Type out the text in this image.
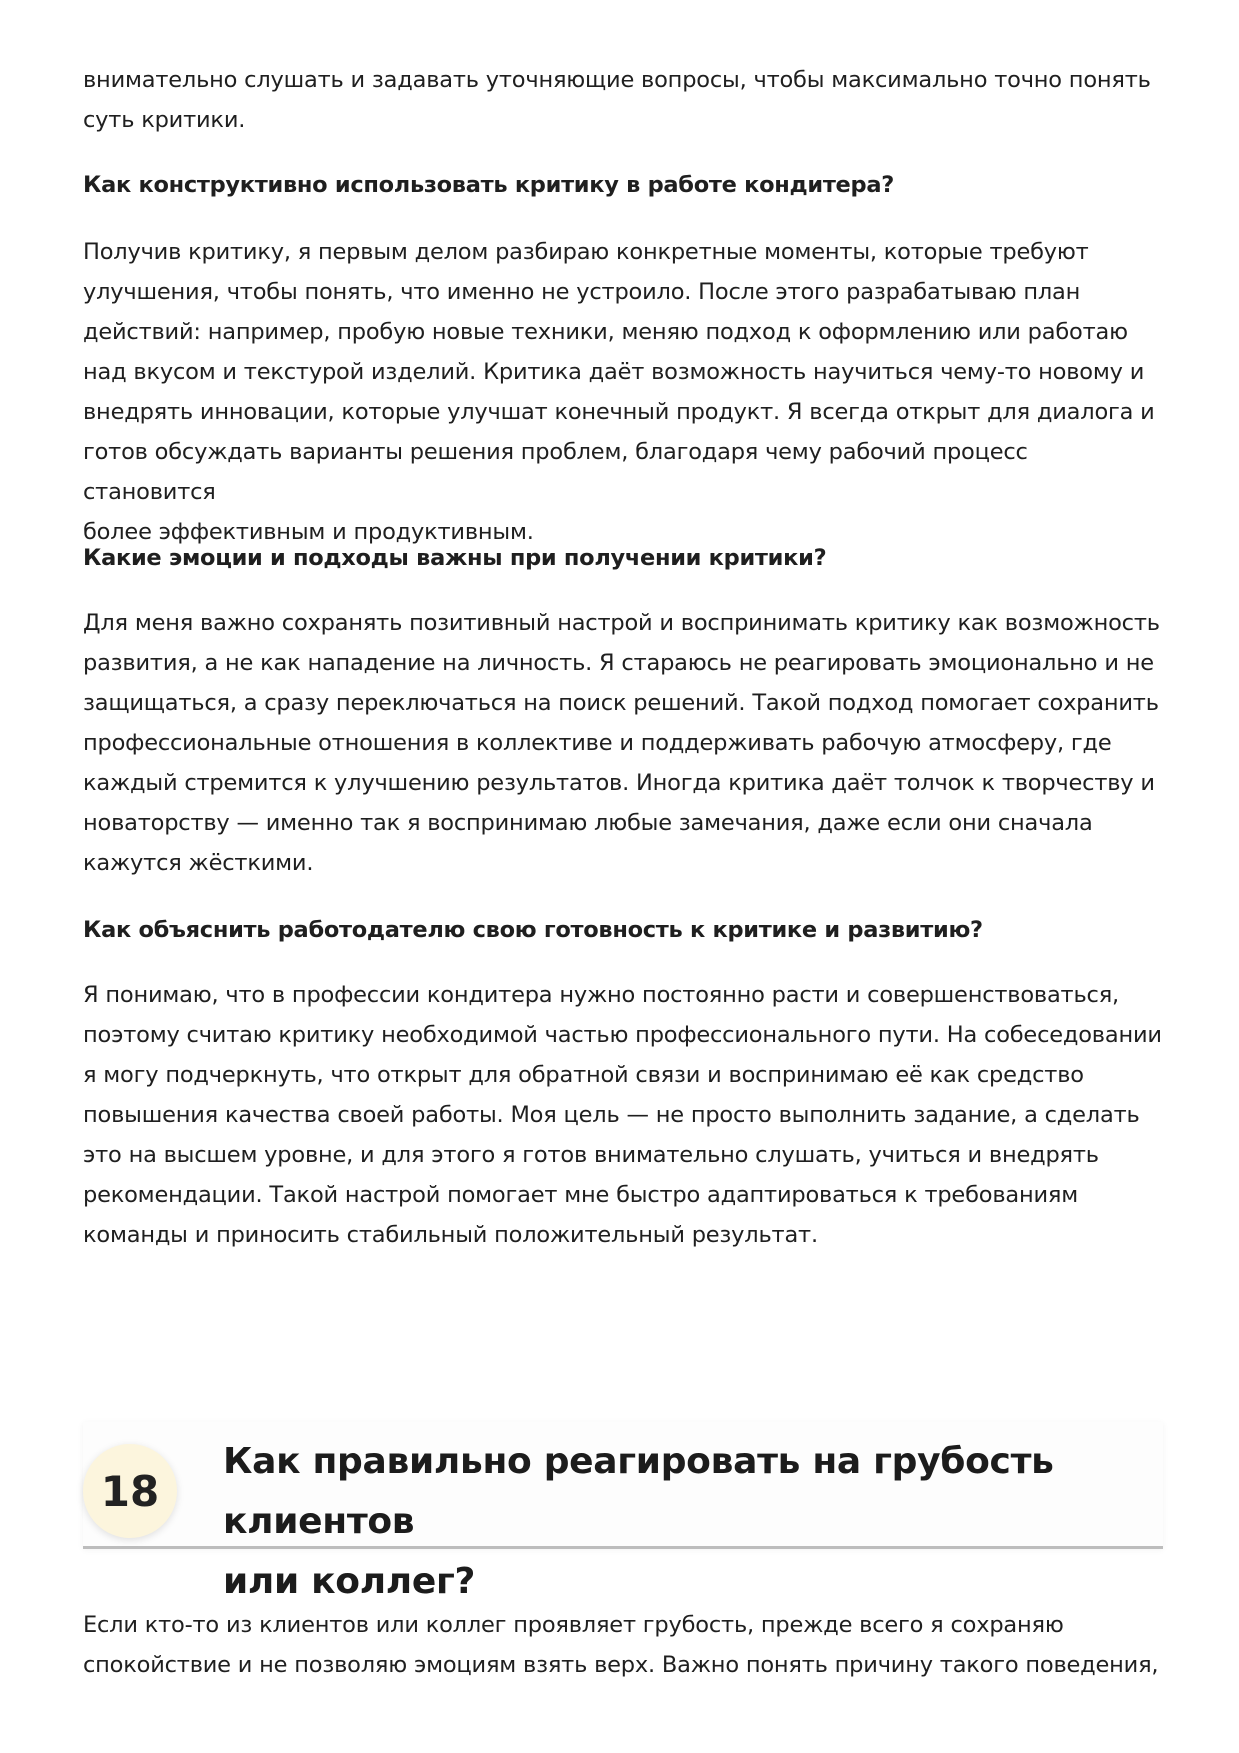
внимательно слушать и задавать уточняющие вопросы, чтобы максимально точно понять
суть критики.

Как конструктивно использовать критику в работе кондитера?

Получив критику, я первым делом разбираю конкретные моменты, которые требуют
улучшения, чтобы понять, что именно не устроило. После этого разрабатываю план
действий: например, пробую новые техники, меняю подход к оформлению или работаю
над вкусом и текстурой изделий. Критика даёт возможность научиться чему-то новому и
внедрять инновации, которые улучшат конечный продукт. Я всегда открыт для диалога и
готов обсуждать варианты решения проблем, благодаря чему рабочий процесс становится
более эффективным и продуктивным.

Какие эмоции и подходы важны при получении критики?

Для меня важно сохранять позитивный настрой и воспринимать критику как возможность
развития, а не как нападение на личность. Я стараюсь не реагировать эмоционально и не
защищаться, а сразу переключаться на поиск решений. Такой подход помогает сохранить
профессиональные отношения в коллективе и поддерживать рабочую атмосферу, где
каждый стремится к улучшению результатов. Иногда критика даёт толчок к творчеству и
новаторству — именно так я воспринимаю любые замечания, даже если они сначала
кажутся жёсткими.

Как объяснить работодателю свою готовность к критике и развитию?

Я понимаю, что в профессии кондитера нужно постоянно расти и совершенствоваться,
поэтому считаю критику необходимой частью профессионального пути. На собеседовании
я могу подчеркнуть, что открыт для обратной связи и воспринимаю её как средство
повышения качества своей работы. Моя цель — не просто выполнить задание, а сделать
это на высшем уровне, и для этого я готов внимательно слушать, учиться и внедрять
рекомендации. Такой настрой помогает мне быстро адаптироваться к требованиям
команды и приносить стабильный положительный результат.

18
Как правильно реагировать на грубость клиентов
или коллег?

Если кто-то из клиентов или коллег проявляет грубость, прежде всего я сохраняю
спокойствие и не позволяю эмоциям взять верх. Важно понять причину такого поведения,
